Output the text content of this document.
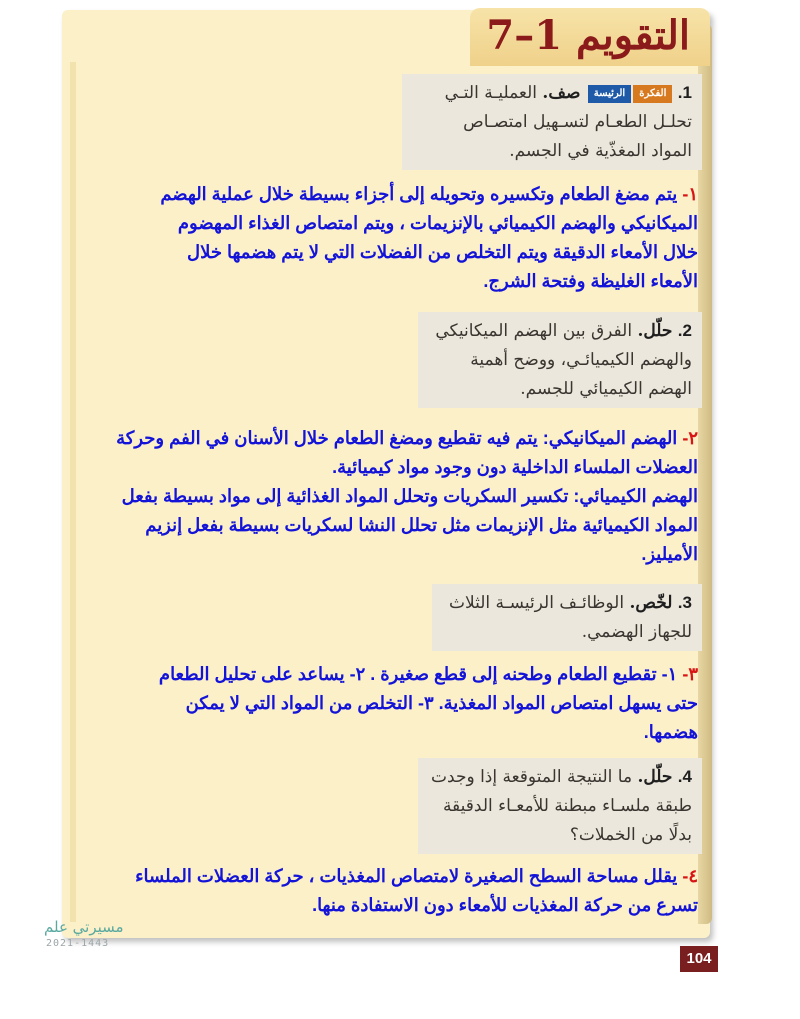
التقويم 1–7
1. الفكرةالرئيسة صف. العمليـة التـي
تحلـل الطعـام لتسـهيل امتصـاص
المواد المغذّية في الجسم.

١- يتم مضغ الطعام وتكسيره وتحويله إلى أجزاء بسيطة خلال عملية الهضم

الميكانيكي والهضم الكيميائي بالإنزيمات ، ويتم امتصاص الغذاء المهضوم

خلال الأمعاء الدقيقة ويتم التخلص من الفضلات التي لا يتم هضمها خلال

الأمعاء الغليظة وفتحة الشرج.

2. حلّل. الفرق بين الهضم الميكانيكي
والهضم الكيميائـي، ووضح أهمية
الهضم الكيميائي للجسم.

٢- الهضم الميكانيكي: يتم فيه تقطيع ومضغ الطعام خلال الأسنان في الفم وحركة

العضلات الملساء الداخلية دون وجود مواد كيميائية.

الهضم الكيميائي: تكسير السكريات وتحلل المواد الغذائية إلى مواد بسيطة بفعل

المواد الكيميائية مثل الإنزيمات مثل تحلل النشا لسكريات بسيطة بفعل إنزيم

الأميليز.

3. لخّص. الوظائـف الرئيسـة الثلاث
للجهاز الهضمي.

٣- ١- تقطيع الطعام وطحنه إلى قطع صغيرة . ٢- يساعد على تحليل الطعام

حتى يسهل امتصاص المواد المغذية. ٣- التخلص من المواد التي لا يمكن

هضمها.

4. حلّل. ما النتيجة المتوقعة إذا وجدت
طبقة ملسـاء مبطنة للأمعـاء الدقيقة
بدلًا من الخملات؟

٤- يقلل مساحة السطح الصغيرة لامتصاص المغذيات ، حركة العضلات الملساء

تسرع من حركة المغذيات للأمعاء دون الاستفادة منها.

مسيرتي علم
2021-1443
104
